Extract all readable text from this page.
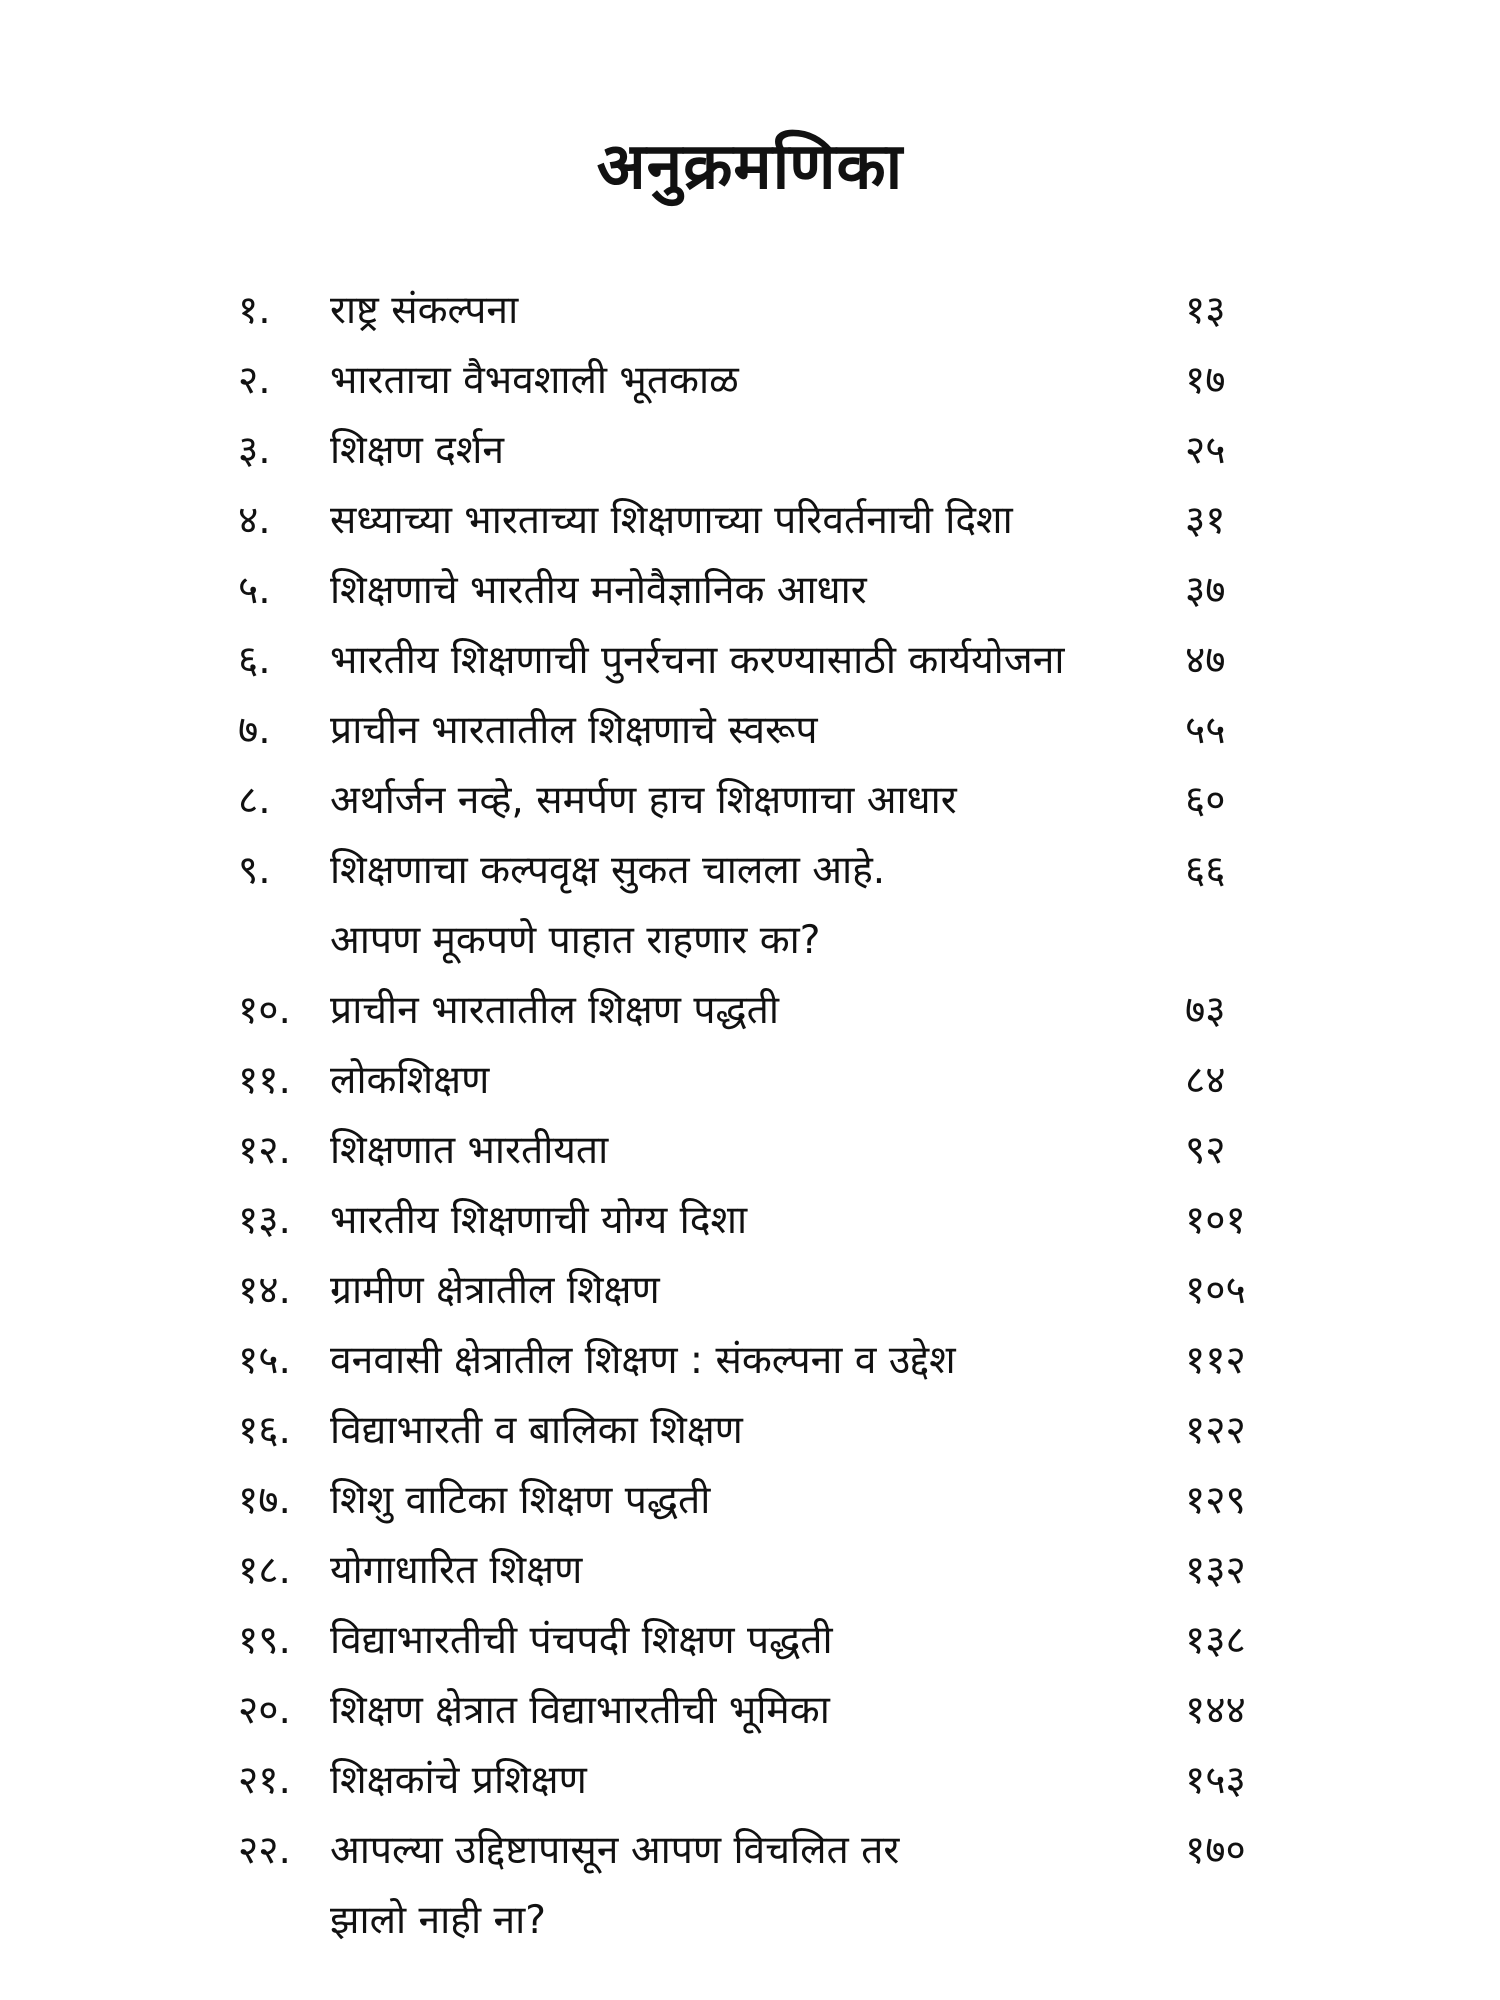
अनुक्रमणिका
१.	राष्ट्र संकल्पना	१३
२.	भारताचा वैभवशाली भूतकाळ	१७
३.	शिक्षण दर्शन	२५
४.	सध्याच्या भारताच्या शिक्षणाच्या परिवर्तनाची दिशा	३१
५.	शिक्षणाचे भारतीय मनोवैज्ञानिक आधार	३७
६.	भारतीय शिक्षणाची पुनर्रचना करण्यासाठी कार्ययोजना	४७
७.	प्राचीन भारतातील शिक्षणाचे स्वरूप	५५
८.	अर्थार्जन नव्हे, समर्पण हाच शिक्षणाचा आधार	६०
९.	शिक्षणाचा कल्पवृक्ष सुकत चालला आहे.	६६
आपण मूकपणे पाहात राहणार का?
१०.	प्राचीन भारतातील शिक्षण पद्धती	७३
११.	लोकशिक्षण	८४
१२.	शिक्षणात भारतीयता	९२
१३.	भारतीय शिक्षणाची योग्य दिशा	१०१
१४.	ग्रामीण क्षेत्रातील शिक्षण	१०५
१५.	वनवासी क्षेत्रातील शिक्षण : संकल्पना व उद्देश	११२
१६.	विद्याभारती व बालिका शिक्षण	१२२
१७.	शिशु वाटिका शिक्षण पद्धती	१२९
१८.	योगाधारित शिक्षण	१३२
१९.	विद्याभारतीची पंचपदी शिक्षण पद्धती	१३८
२०.	शिक्षण क्षेत्रात विद्याभारतीची भूमिका	१४४
२१.	शिक्षकांचे प्रशिक्षण	१५३
२२.	आपल्या उद्दिष्टापासून आपण विचलित तर	१७०
झालो नाही ना?
